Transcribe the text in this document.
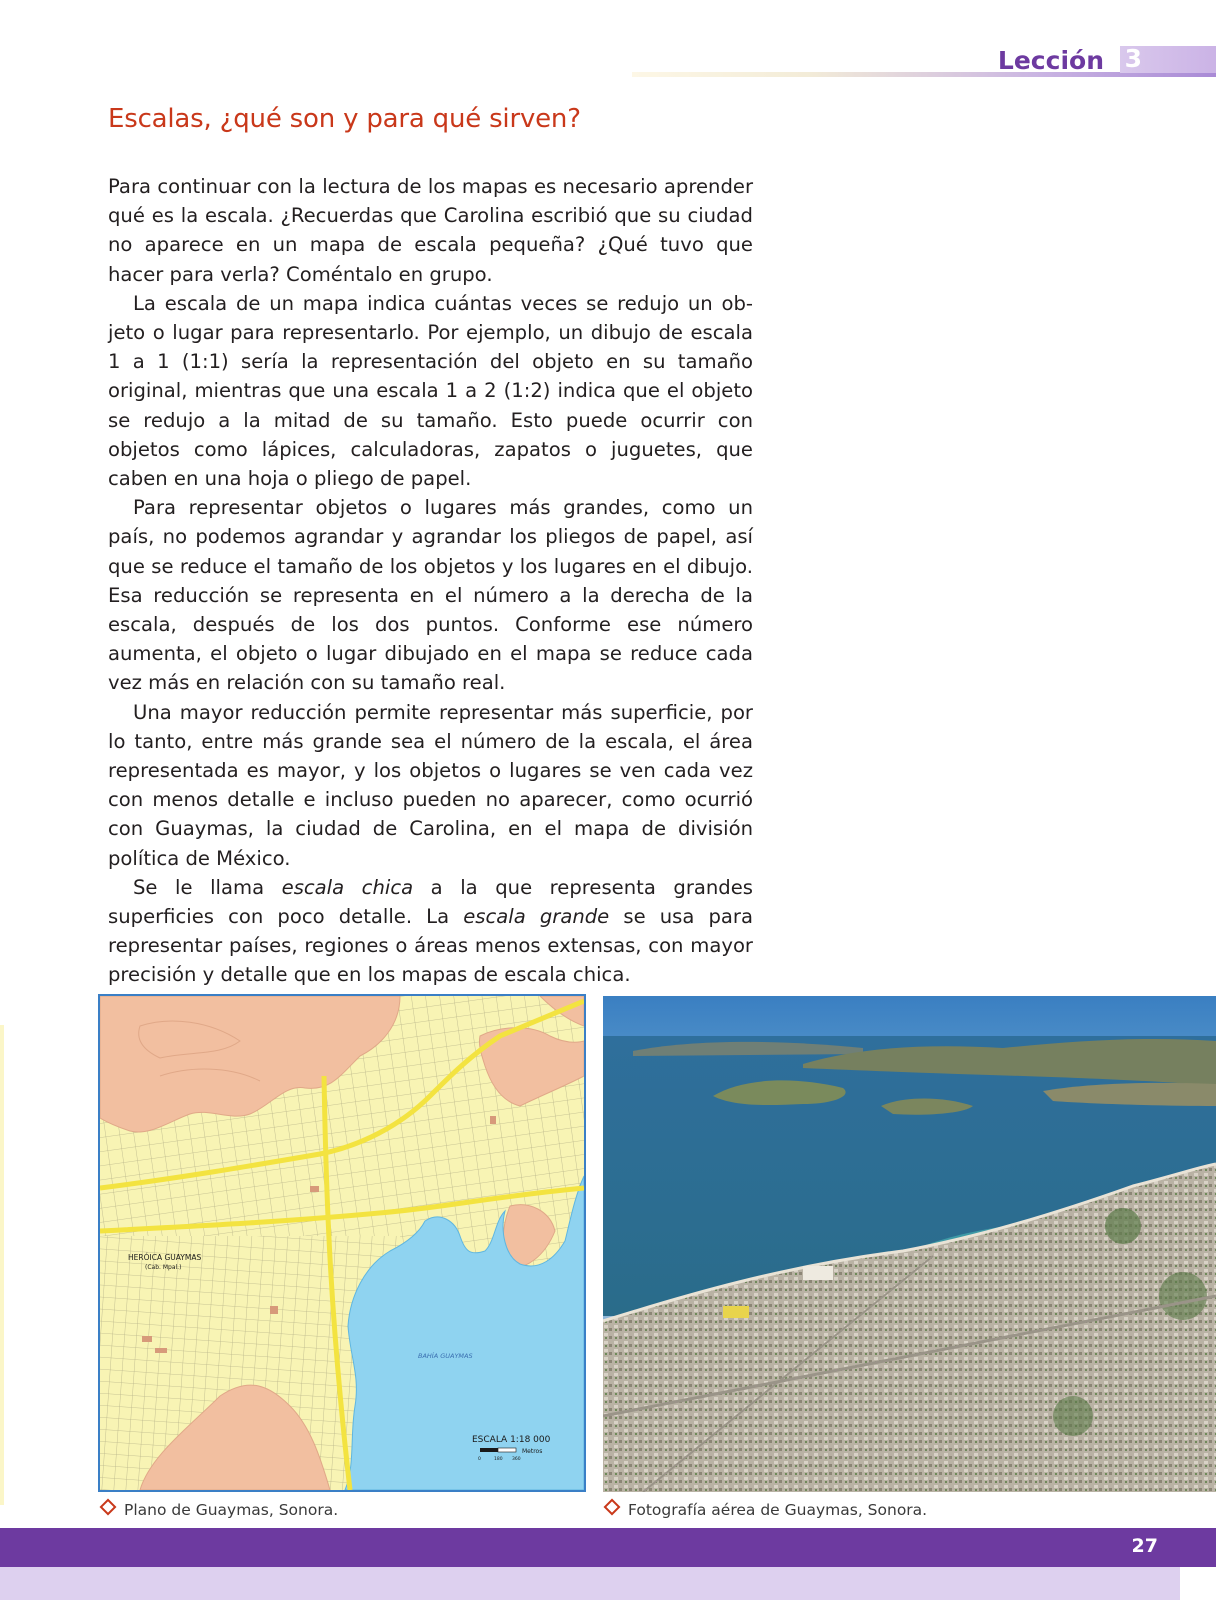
Lección 3
Escalas, ¿qué son y para qué sirven?

Para continuar con la lectura de los mapas es necesario aprender qué es la escala. ¿Recuerdas que Carolina escribió que su ciudad no aparece en un mapa de escala pequeña? ¿Qué tuvo que hacer para verla? Coméntalo en grupo.

La escala de un mapa indica cuántas veces se redujo un objeto o lugar para representarlo. Por ejemplo, un dibujo de escala 1 a 1 (1:1) sería la representación del objeto en su tamaño original, mientras que una escala 1 a 2 (1:2) indica que el objeto se redujo a la mitad de su tamaño. Esto puede ocurrir con objetos como lápices, calculadoras, zapatos o juguetes, que caben en una hoja o pliego de papel.

Para representar objetos o lugares más grandes, como un país, no podemos agrandar y agrandar los pliegos de papel, así que se reduce el tamaño de los objetos y los lugares en el dibujo. Esa reducción se representa en el número a la derecha de la escala, después de los dos puntos. Conforme ese número aumenta, el objeto o lugar dibujado en el mapa se reduce cada vez más en relación con su tamaño real.

Una mayor reducción permite representar más superficie, por lo tanto, entre más grande sea el número de la escala, el área representada es mayor, y los objetos o lugares se ven cada vez con menos detalle e incluso pueden no aparecer, como ocurrió con Guaymas, la ciudad de Carolina, en el mapa de división política de México.

Se le llama escala chica a la que representa grandes superficies con poco detalle. La escala grande se usa para representar países, regiones o áreas menos extensas, con mayor precisión y detalle que en los mapas de escala chica.

HERÓICA GUAYMAS
(Cab. Mpal.)
BAHÍA GUAYMAS
ESCALA 1:18 000
Metros
0	180 360
Plano de Guaymas, Sonora.	Fotografía aérea de Guaymas, Sonora.
27
